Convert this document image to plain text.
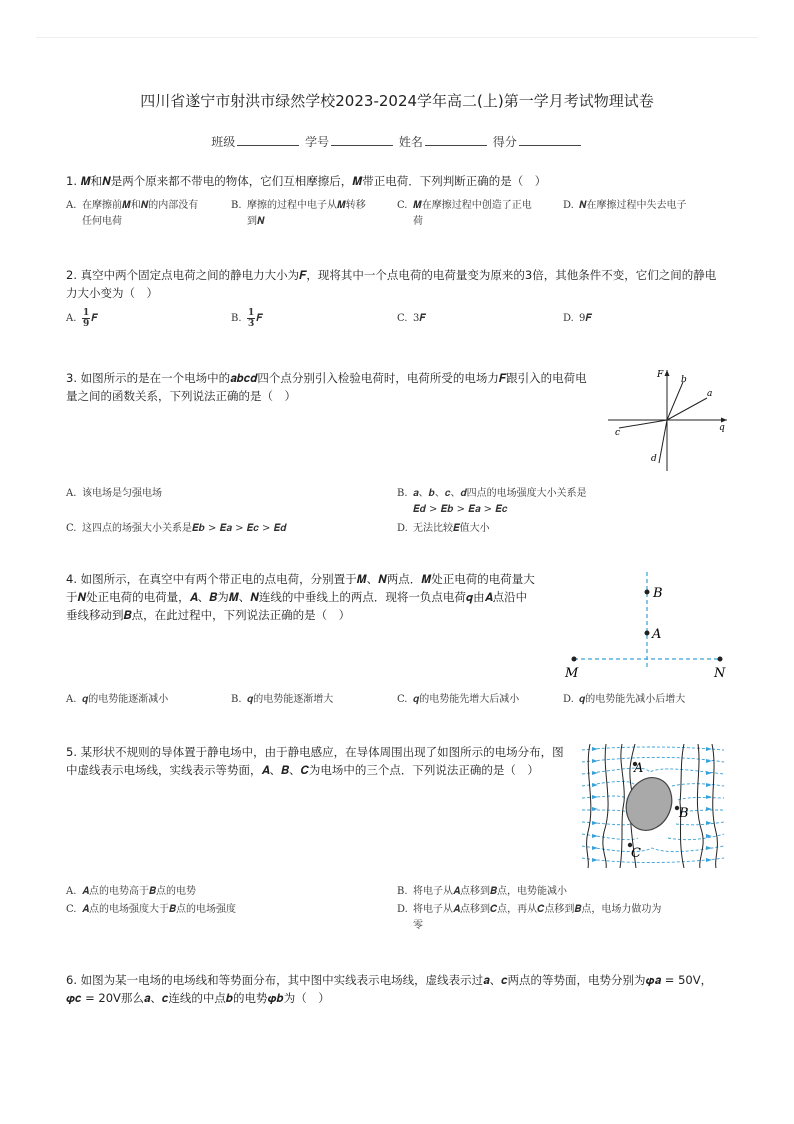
四川省遂宁市射洪市绿然学校2023-2024学年高二(上)第一学月考试物理试卷
班级	学号	姓名	得分
1. 𝑴和𝑵是两个原来都不带电的物体，它们互相摩擦后，𝑴带正电荷．下列判断正确的是（　）
A. 在摩擦前𝑴和𝑵的内部没有
任何电荷
B. 摩擦的过程中电子从𝑴转移
到𝑵
C. 𝑴在摩擦过程中创造了正电
荷
D. 𝑵在摩擦过程中失去电子
2. 真空中两个固定点电荷之间的静电力大小为𝑭，现将其中一个点电荷的电荷量变为原来的3倍，其他条件不变，它们之间的静电
力大小变为（　）
A. $\frac{1}{9}$ 𝑭	B. $\frac{1}{3}$ 𝑭	C. 3𝑭	D. 9𝑭
3. 如图所示的是在一个电场中的𝒂𝒃𝒄𝒅四个点分别引入检验电荷时，电荷所受的电场力𝑭跟引入的电荷电
量之间的函数关系，下列说法正确的是（　）
F
q
b
a
c
d
A. 该电场是匀强电场	B. 𝒂、𝒃、𝒄、𝒅四点的电场强度大小关系是
𝑬𝒅 > 𝑬𝒃 > 𝑬𝒂 > 𝑬𝒄
C. 这四点的场强大小关系是𝑬𝒃 > 𝑬𝒂 > 𝑬𝒄 > 𝑬𝒅	D. 无法比较𝑬值大小
4. 如图所示，在真空中有两个带正电的点电荷，分别置于𝑴、𝑵两点．𝑴处正电荷的电荷量大
于𝑵处正电荷的电荷量，𝑨、𝑩为𝑴、𝑵连线的中垂线上的两点．现将一负点电荷𝒒由𝑨点沿中
垂线移动到𝑩点，在此过程中，下列说法正确的是（　）
B
A
M	N
A. 𝒒的电势能逐渐减小	B. 𝒒的电势能逐渐增大	C. 𝒒的电势能先增大后减小	D. 𝒒的电势能先减小后增大
5. 某形状不规则的导体置于静电场中，由于静电感应，在导体周围出现了如图所示的电场分布，图
中虚线表示电场线，实线表示等势面，𝑨、𝑩、𝑪为电场中的三个点．下列说法正确的是（　）	A
B
C
A. 𝑨点的电势高于𝑩点的电势	B. 将电子从𝑨点移到𝑩点，电势能减小
C. 𝑨点的电场强度大于𝑩点的电场强度	D. 将电子从𝑨点移到𝑪点，再从𝑪点移到𝑩点，电场力做功为
零
6. 如图为某一电场的电场线和等势面分布，其中图中实线表示电场线，虚线表示过𝒂、𝒄两点的等势面，电势分别为𝝋𝒂 = 50V，
𝝋𝒄 = 20V那么𝒂、𝒄连线的中点𝒃的电势𝝋𝒃为（　）
